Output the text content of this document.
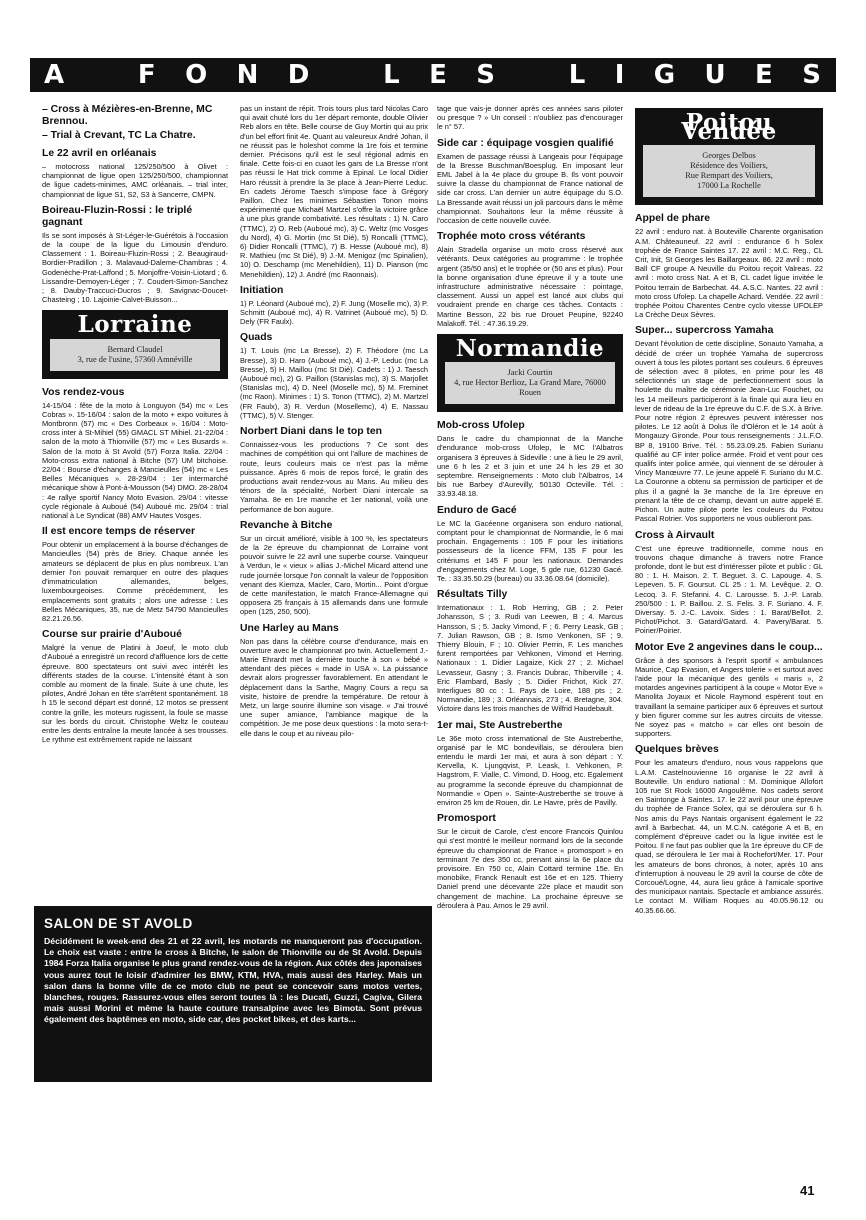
A	F O N D	L E S	L I G U E S
– Cross à Mézières-en-Brenne, MC Brennou.
– Trial à Crevant, TC La Chatre.
Le 22 avril en orléanais

– motocross national 125/250/500 à Olivet : championnat de ligue open 125/250/500, championnat de ligue cadets-minimes, AMC orléanais. – trial inter, championnat de ligue S1, S2, S3 à Sancerre, CMPN.

Boireau-Fluzin-Rossi : le triplé gagnant

Ils se sont imposés à St-Léger-le-Guérétois à l'occasion de la coupe de la ligue du Limousin d'enduro. Classement : 1. Boireau-Fluzin-Rossi ; 2. Beaugiraud-Bordier-Pradillon ; 3. Malavaud-Daleme-Chambras ; 4. Godenèche-Prat-Laffond ; 5. Monjoffre-Voisin-Liotard ; 6. Lissandre-Demoyen-Léger ; 7. Coudert-Simon-Sanchez ; 8. Dauby-Traccuci-Ducros ; 9. Savignac-Doucet-Chasteing ; 10. Lajoinie-Calvet-Buisson...

Lorraine
Bernard Claudel
3, rue de l'usine, 57360 Amnéville
Vos rendez-vous

14-15/04 : fête de la moto à Longuyon (54) mc « Les Cobras ». 15-16/04 : salon de la moto + expo voitures à Montbronn (57) mc « Des Corbeaux ». 16/04 : Moto-cross inter à St-Mihiel (55) GMACL ST Mihiel. 21-22/04 : salon de la moto à Thionville (57) mc « Les Busards ». Salon de la moto à St Avold (57) Forza Italia. 22/04 : Moto-cross extra national à Bitche (57) UM bitchoise. 22/04 : Bourse d'échanges à Mancieulles (54) mc « Les Belles Mécaniques ». 28-29/04 : 1er intermarché mécanique show à Pont-à-Mousson (54) DMO. 28-28/04 : 4e rallye sportif Nancy Moto Evasion. 29/04 : vitesse cycle régionale à Auboué (54) Auboué mc. 29/04 : trial national à Le Syndicat (88) AMV Hautes Vosges.

Il est encore temps de réserver

Pour obtenir un emplacement à la bourse d'échanges de Mancieulles (54) près de Briey. Chaque année les amateurs se déplacent de plus en plus nombreux. L'an dernier l'on pouvait remarquer en outre des plaques d'immatriculation allemandes, belges, luxembourgeoises. Comme précédemment, les emplacements sont gratuits ; alors une adresse : Les Belles Mécaniques, 35, rue de Metz 54790 Mancieulles 82.21.26.56.

Course sur prairie d'Auboué

Malgré la venue de Platini à Joeuf, le moto club d'Auboué a enregistré un record d'affluence lors de cette épreuve. 800 spectateurs ont suivi avec intérêt les différents stades de la course. L'intensité étant à son comble au moment de la finale. Suite à une chute, les pilotes, André Johan en tête s'arrêtent spontanément. 18 h 15 le second départ est donné, 12 motos se pressent contre la grille, les moteurs rugissent, la foule se masse sur les bords du circuit. Christophe Weltz le couteau entre les dents entraîne la meute lancée à ses trousses. Le rythme est extrêmement rapide ne laissant

pas un instant de répit. Trois tours plus tard Nicolas Caro qui avait chuté lors du 1er départ remonte, double Olivier Reb alors en tête. Belle course de Guy Mortin qui au prix d'un bel effort finit 4e. Quant au valeureux André Johan, il ne réussit pas le holeshot comme la 1re fois et termine dernier. Précisons qu'il est le seul régional admis en finale. Cette fois-ci en cuaot les gars de La Bresse n'ont pas réussi le Hat trick comme à Epinal. Le local Didier Haro réussit à prendre la 3e place à Jean-Pierre Leduc. En cadets Jérome Taesch s'impose face à Grégory Paillon. Chez les minimes Sébastien Tonon moins expérimenté que Michaël Martzel s'offre la victoire grâce à une plus grande combativité. Les résultats : 1) N. Caro (TTMC), 2) O. Reb (Auboué mc), 3) C. Weltz (mc Vosges du Nord), 4) G. Mortin (mc St Dié), 5) Roncalli (TTMC), 6) Didier Roncalli (TTMC), 7) B. Hesse (Auboué mc), 8) R. Mathieu (mc St Dié), 9) J.-M. Menigoz (mc Spinalien), 10) O. Deschamp (mc Menehildien), 11) D. Pianson (mc Menehildien), 12) J. André (mc Raonnais).

Initiation

1) P. Léonard (Auboué mc), 2) F. Jung (Moselle mc), 3) P. Schmitt (Auboué mc), 4) R. Vatrinet (Auboué mc), 5) D. Dely (FR Faulx).

Quads

1) T. Louis (mc La Bresse), 2) F. Théodore (mc La Bresse), 3) D. Haro (Auboué mc), 4) J.-P. Leduc (mc La Bresse), 5) H. Maillou (mc St Dié). Cadets : 1) J. Taesch (Auboué mc), 2) G. Paillon (Stanislas mc), 3) S. Marjollet (Stanislas mc), 4) D. Neel (Moselle mc), 5) M. Freminet (mc Raon). Minimes : 1) S. Tonon (TTMC), 2) M. Martzel (FR Faulx), 3) R. Verdun (Mosellemc), 4) E. Nassau (TTMC), 5) V. Stenger.

Norbert Diani dans le top ten

Connaissez-vous les productions ? Ce sont des machines de compétition qui ont l'allure de machines de route, leurs couleurs mais ce n'est pas la même puissance. Après 6 mois de repos forcé, le gratin des productions avait rendez-vous au Mans. Au milieu des ténors de la spécialité, Norbert Diani intercale sa Yamaha. 8e en 1re manche et 1er national, voilà une performance de bon augure.

Revanche à Bitche

Sur un circuit amélioré, visible à 100 %, les spectateurs de la 2e épreuve du championnat de Lorraine vont pouvoir suivre le 22 avril une superbe course. Vainqueur à Verdun, le « vieux » allias J.-Michel Micard attend une rude journée lorsque l'on connaît la valeur de l'opposition venant des Kiemza, Macler, Caro, Mortin... Point d'orgue de cette manifestation, le match France-Allemagne qui opposera 25 français à 15 allemands dans une formule open (125, 250, 500).

Une Harley au Mans

Non pas dans la célèbre course d'endurance, mais en ouverture avec le championnat pro twin. Actuellement J.-Marie Ehrardt met la dernière touche à son « bébé » attendant des pièces « made in USA ». La puissance devrait alors progresser favorablement. En attendant le déplacement dans la Sarthe, Magny Cours a reçu sa visite, histoire de prendre la température. De retour à Metz, un large sourire illumine son visage. « J'ai trouvé une super amiance, l'ambiance magique de la compétition. Je me pose deux questions : la moto sera-t-elle dans le coup et au niveau pilo-

tage que vais-je donner après ces années sans piloter ou presque ? » Un conseil : n'oubliez pas d'encourager le n° 57.

Side car : équipage vosgien qualifié

Examen de passage réussi à Langeais pour l'équipage de la Bresse Buschman/Boesplug. En imposant leur EML Jabel à la 4e place du groupe B. Ils vont pouvoir suivre la classe du championnat de France national de side car cross. L'an dernier un autre équipage du S.O. La Bressande avait réussi un joli parcours dans le même championnat. Souhaitons leur la même réussite à l'occasion de cette nouvelle cuvée.

Trophée moto cross vétérants

Alain Stradella organise un moto cross réservé aux vétérants. Deux catégories au programme : le trophée argent (35/50 ans) et le trophée or (50 ans et plus). Pour la bonne organisation d'une épreuve il y a toute une infrastructure administrative nécessaire : pointage, classement. Aussi un appel est lancé aux clubs qui voudraient prende en charge ces tâches. Contacts : Martine Besson, 22 bis rue Drouet Peupine, 92240 Malakoff. Tél. : 47.36.19.29.

Normandie
Jacki Courtin
4, rue Hector Berlioz, La Grand Mare, 76000 Rouen
Mob-cross Ufolep

Dans le cadre du championnat de la Manche d'endurance mob-cross Ufolep, le MC l'Albatros organisera 3 épreuves à Sideville : une à lieu le 29 avril, une 6 h les 2 et 3 juin et une 24 h les 29 et 30 septembre. Renseignements : Moto club l'Albatros, 14 bis rue Barbey d'Aurevilly, 50130 Octeville. Tél. : 33.93.48.18.

Enduro de Gacé

Le MC la Gacéenne organisera son enduro national, comptant pour le championnat de Normandie, le 6 mai prochain. Engagements : 105 F pour les initiations possesseurs de la licence FFM, 135 F pour les critériums et 145 F pour les nationaux. Demandes d'engagements chez M. Loge, 5 gde rue, 61230 Gacé. Te. : 33.35.50.29 (bureau) ou 33.36.08.64 (domicile).

Résultats Tilly

Internationaux : 1. Rob Herring, GB ; 2. Peter Johansson, S ; 3. Rudi van Leewen, B ; 4. Marcus Hansson, S ; 5. Jacky Vimond, F ; 6. Perry Leask, GB ; 7. Julian Rawson, GB ; 8. Ismo Venkonen, SF ; 9. Thierry Blouin, F ; 10. Olivier Perrin, F. Les manches furent remportées par Vehkonen, Vimond et Herring. Nationaux : 1. Didier Lagaize, Kick 27 ; 2. Michael Levasseur, Gasny ; 3. Francis Dubrac, Thiberville ; 4. Eric Flambard, Basly ; 5. Didier Frichot, Kick 27. Interligues 80 cc : 1. Pays de Loire, 188 pts ; 2. Normandie, 189 ; 3. Orléannais, 273 ; 4. Bretagne, 304. Victoire dans les trois manches de Wilfrid Haudebault.

1er mai, Ste Austreberthe

Le 36e moto cross international de Ste Austreberthe, organisé par le MC bondevillais, se déroulera bien entendu le mardi 1er mai, et aura à son départ : Y. Kervella, K. Ljungqvist, P. Leask, I. Vehkonen, P. Hagstrom, F. Vialle, C. Vimond, D. Hoog, etc. Egalement au programme la seconde épreuve du championnat de Normandie « Open ». Sainte-Austreberthe se trouve à environ 25 km de Rouen, dir. Le Havre, près de Pavilly.

Promosport

Sur le circuit de Carole, c'est encore Francois Quinlou qui s'est montré le meilleur normand lors de la seconde épreuve du championnat de France « promosport » en terminant 7e des 350 cc, prenant ainsi la 6e place du provisoire. En 750 cc, Alain Cottard termine 15e. En monobike, Franck Renault est 16e et en 125. Thierry Daniel prend une décevante 22e place et maudit son changement de machine. La prochaine épreuve se déroulera à Pau. Arnos le 29 avril.

Poitou Vendée
Georges Delbos
Résidence des Voiliers,
Rue Rempart des Voiliers,
17000 La Rochelle
Appel de phare

22 avril : enduro nat. à Bouteville Charente organisation A.M. Châteauneuf. 22 avril : endurance 6 h Solex trophée de France Saintes 17. 22 avril : M.C. Reg., CL Crit, Init, St Georges les Baillargeaux. 86. 22 avril : moto Ball CF groupe A Neuville du Poitou reçoit Valreas. 22 avril : moto cross Nat. A et B, CL cadet ligue invitée le Poitou terrain de Barbechat. 44. A.S.C. Nantes. 22 avril : moto cross Ufolep. La chapelle Achard. Vendée. 22 avril : trophée Poitou Charentes Centre cyclo vitesse UFOLEP La Crèche Deux Sèvres.

Super... supercross Yamaha

Devant l'évolution de cette discipline, Sonauto Yamaha, a décidé de créer un trophée Yamaha de supercross ouvert à tous les pilotes portant ses couleurs. 6 épreuves de sélection avec 8 pilotes, en prime pour les 48 sélectionnés un stage de perfectionnement sous la houlette du maître de cérémonie Jean-Luc Fouchet, ou les 14 meilleurs participeront à la finale qui aura lieu en lever de rideau de la 1re épreuve du C.F. de S.X. à Brive. Pour notre région 2 épreuves peuvent intéresser nos pilotes. Le 12 août à Dolus île d'Oléron et le 14 août à Mongauzy Gironde. Pour tous renseignements : J.L.F.O. BP 8, 19100 Brive. Tél. : 55.23.09.25. Fabien Surianu qualifié au CF inter police armée. Froid et vent pour ces qualifs inter police armée, qui viennent de se dérouler à Vincy Manœuvre 77. Le jeune appelé F. Suriano du M.C. La Couronne a obtenu sa permission de participer et de plus il a gagné la 3e manche de la 1re épreuve en prenant la tête de ce champ, devant un autre appelé E. Pichon. Un autre pilote porte les couleurs du Poitou Pascal Rotrier. Vos supporters ne vous oublieront pas.

Cross à Airvault

C'est une épreuve traditionnelle, comme nous en trouvons chaque dimanche à travers notre France profonde, dont le but est d'intéresser pilote et public : GL 80 : 1. H. Maison. 2. T. Beguet. 3. C. Lapouge. 4. S. Lepeven. 5. F. Goursut. CL 25 : 1. M. Levêque. 2. O. Lecoq. 3. F. Stefanni. 4. C. Larousse. 5. J.-P. Larab. 250/500 : 1. P. Baillou. 2. S. Felis. 3. F. Suriano. 4. F. Diversay. 5. J.-C. Lavoix. Sides : 1. Barat/Bellot. 2. Pichot/Pichot. 3. Gatard/Gatard. 4. Pavery/Barat. 5. Poirier/Poirier.

Motor Eve 2 angevines dans le coup...

Grâce à des sponsors à l'esprit sportif « ambulances Maurice, Cap Evasion, et Angers tolerie » et surtout avec l'aide pour la mécanique des gentils « maris », 2 motardes angevines participent à la coupe « Motor Eve » Manolita Joyaux et Nicole Raymond espèrent tout en travaillant la semaine participer aux 6 épreuves et surtout y bien figurer comme sur les autres circuits de vitesse. Ne soyez pas « matcho » car elles ont besoin de supporters.

Quelques brèves

Pour les amateurs d'enduro, nous vous rappelons que L.A.M. Castelnouvienne 16 organise le 22 avril à Bouteville. Un enduro national : M. Dominique Allofort 105 rue St Rock 16000 Angoulême. Nos cadets seront en Saintonge à Saintes. 17. le 22 avril pour une épreuve du trophée de France Solex, qui se déroulera sur 6 h. Nos amis du Pays Nantais organisent également le 22 avril à Barbechat. 44, un M.C.N. catégorie A et B, en complément d'épreuve cadet ou la ligue invitée est le Poitou. Il ne faut pas oublier que la 1re épreuve du CF de quad, se déroulera le 1er mai à Rochefort/Mer. 17. Pour les amateurs de bons chronos, à noter, après 10 ans d'interruption à nouveau le 29 avril la course de côte de Corcoué/Logne, 44, aura lieu grâce à l'amicale sportive des municipaux nantais. Spectacle et ambiance assurés. Le contact M. William Roques au 40.05.96.12 ou 40.35.66.66.

SALON DE ST AVOLD
Décidément le week-end des 21 et 22 avril, les motards ne manqueront pas d'occupation. Le choix est vaste : entre le cross à Bitche, le salon de Thionville ou de St Avold. Depuis 1984 Forza Italia organise le plus grand rendez-vous de la région. Aux côtés des japonaises vous aurez tout le loisir d'admirer les BMW, KTM, HVA, mais aussi des Harley. Mais un salon dans la bonne ville de ce moto club ne peut se concevoir sans motos vertes, blanches, rouges. Rassurez-vous elles seront toutes là : les Ducati, Guzzi, Cagiva, Gilera mais aussi Morini et même la haute couture transalpine avec les Bimota. Sont prévus également des baptêmes en moto, side car, des pocket bikes, et des karts...
41
